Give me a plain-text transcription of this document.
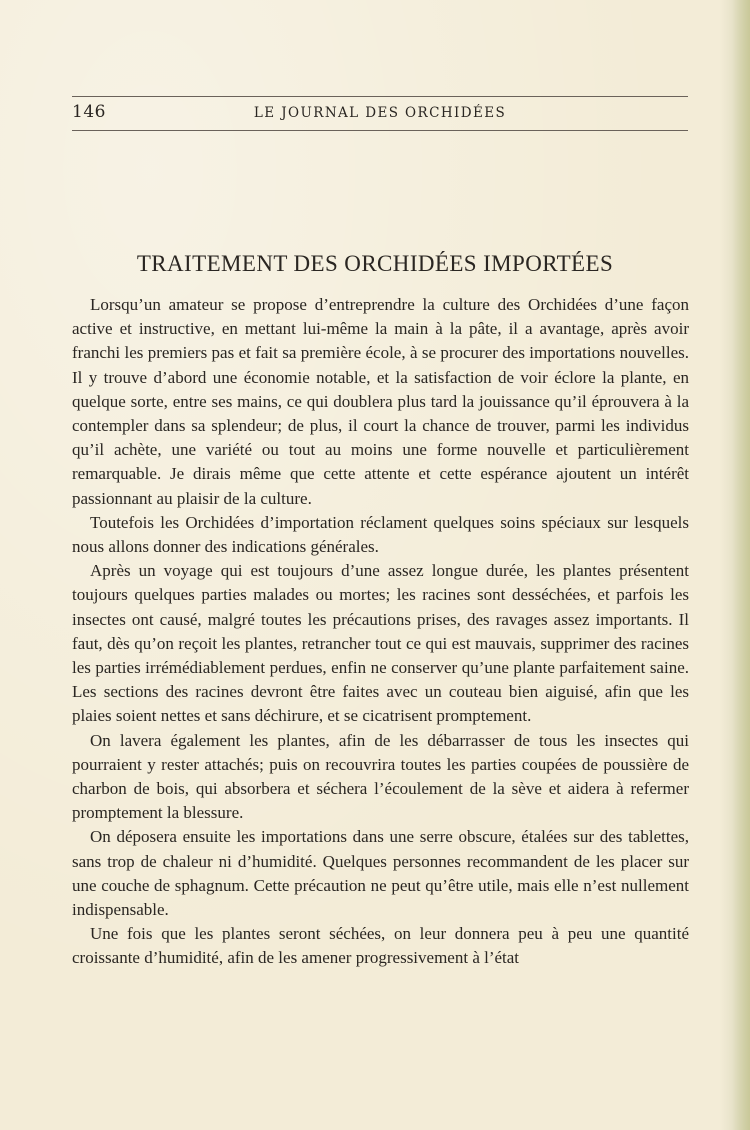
146	LE JOURNAL DES ORCHIDÉES
TRAITEMENT DES ORCHIDÉES IMPORTÉES

Lorsqu’un amateur se propose d’entreprendre la culture des Orchidées d’une façon active et instructive, en mettant lui-même la main à la pâte, il a avantage, après avoir franchi les premiers pas et fait sa première école, à se procurer des importations nouvelles. Il y trouve d’abord une économie notable, et la satisfaction de voir éclore la plante, en quelque sorte, entre ses mains, ce qui doublera plus tard la jouissance qu’il éprouvera à la contempler dans sa splendeur; de plus, il court la chance de trouver, parmi les individus qu’il achète, une variété ou tout au moins une forme nouvelle et particulièrement remarquable. Je dirais même que cette attente et cette espérance ajoutent un intérêt passionnant au plaisir de la culture.

Toutefois les Orchidées d’importation réclament quelques soins spéciaux sur lesquels nous allons donner des indications générales.

Après un voyage qui est toujours d’une assez longue durée, les plantes présentent toujours quelques parties malades ou mortes; les racines sont desséchées, et parfois les insectes ont causé, malgré toutes les précautions prises, des ravages assez importants. Il faut, dès qu’on reçoit les plantes, retrancher tout ce qui est mauvais, supprimer des racines les parties irrémédiablement perdues, enfin ne conserver qu’une plante parfaitement saine. Les sections des racines devront être faites avec un couteau bien aiguisé, afin que les plaies soient nettes et sans déchirure, et se cicatrisent promptement.

On lavera également les plantes, afin de les débarrasser de tous les insectes qui pourraient y rester attachés; puis on recouvrira toutes les parties coupées de poussière de charbon de bois, qui absorbera et séchera l’écoulement de la sève et aidera à refermer promptement la blessure.

On déposera ensuite les importations dans une serre obscure, étalées sur des tablettes, sans trop de chaleur ni d’humidité. Quelques personnes recommandent de les placer sur une couche de sphagnum. Cette précaution ne peut qu’être utile, mais elle n’est nullement indispensable.

Une fois que les plantes seront séchées, on leur donnera peu à peu une quantité croissante d’humidité, afin de les amener progressivement à l’état
